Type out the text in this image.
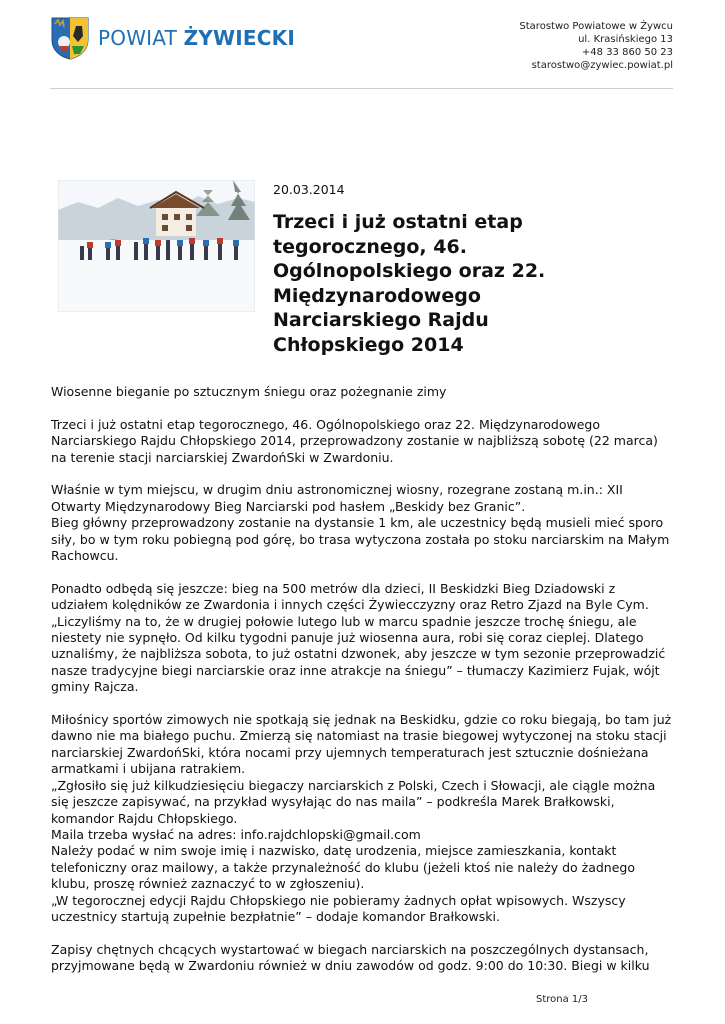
POWIAT ŻYWIECKI	Starostwo Powiatowe w Żywcu
ul. Krasińskiego 13
+48 33 860 50 23
starostwo@zywiec.powiat.pl
20.03.2014
Trzeci i już ostatni etap tegorocznego, 46. Ogólnopolskiego oraz 22. Międzynarodowego Narciarskiego Rajdu Chłopskiego 2014

Wiosenne bieganie po sztucznym śniegu oraz pożegnanie zimy

Trzeci i już ostatni etap tegorocznego, 46. Ogólnopolskiego oraz 22. Międzynarodowego Narciarskiego Rajdu Chłopskiego 2014, przeprowadzony zostanie w najbliższą sobotę (22 marca) na terenie stacji narciarskiej ZwardońSki w Zwardoniu.

Właśnie w tym miejscu, w drugim dniu astronomicznej wiosny, rozegrane zostaną m.in.: XII Otwarty Międzynarodowy Bieg Narciarski pod hasłem „Beskidy bez Granic”.
Bieg główny przeprowadzony zostanie na dystansie 1 km, ale uczestnicy będą musieli mieć sporo siły, bo w tym roku pobiegną pod górę, bo trasa wytyczona została po stoku narciarskim na Małym Rachowcu.

Ponadto odbędą się jeszcze: bieg na 500 metrów dla dzieci, II Beskidzki Bieg Dziadowski z udziałem kolędników ze Zwardonia i innych części Żywiecczyzny oraz Retro Zjazd na Byle Cym.
„Liczyliśmy na to, że w drugiej połowie lutego lub w marcu spadnie jeszcze trochę śniegu, ale niestety nie sypnęło. Od kilku tygodni panuje już wiosenna aura, robi się coraz cieplej. Dlatego uznaliśmy, że najbliższa sobota, to już ostatni dzwonek, aby jeszcze w tym sezonie przeprowadzić nasze tradycyjne biegi narciarskie oraz inne atrakcje na śniegu” – tłumaczy Kazimierz Fujak, wójt gminy Rajcza.

Miłośnicy sportów zimowych nie spotkają się jednak na Beskidku, gdzie co roku biegają, bo tam już dawno nie ma białego puchu. Zmierzą się natomiast na trasie biegowej wytyczonej na stoku stacji narciarskiej ZwardońSki, która nocami przy ujemnych temperaturach jest sztucznie dośnieżana armatkami i ubijana ratrakiem.
„Zgłosiło się już kilkudziesięciu biegaczy narciarskich z Polski, Czech i Słowacji, ale ciągle można się jeszcze zapisywać, na przykład wysyłając do nas maila” – podkreśla Marek Brałkowski, komandor Rajdu Chłopskiego.
Maila trzeba wysłać na adres: info.rajdchlopski@gmail.com
Należy podać w nim swoje imię i nazwisko, datę urodzenia, miejsce zamieszkania, kontakt telefoniczny oraz mailowy, a także przynależność do klubu (jeżeli ktoś nie należy do żadnego klubu, proszę również zaznaczyć to w zgłoszeniu).
„W tegorocznej edycji Rajdu Chłopskiego nie pobieramy żadnych opłat wpisowych. Wszyscy uczestnicy startują zupełnie bezpłatnie” – dodaje komandor Brałkowski.

Zapisy chętnych chcących wystartować w biegach narciarskich na poszczególnych dystansach, przyjmowane będą w Zwardoniu również w dniu zawodów od godz. 9:00 do 10:30. Biegi w kilku

Strona 1/3
